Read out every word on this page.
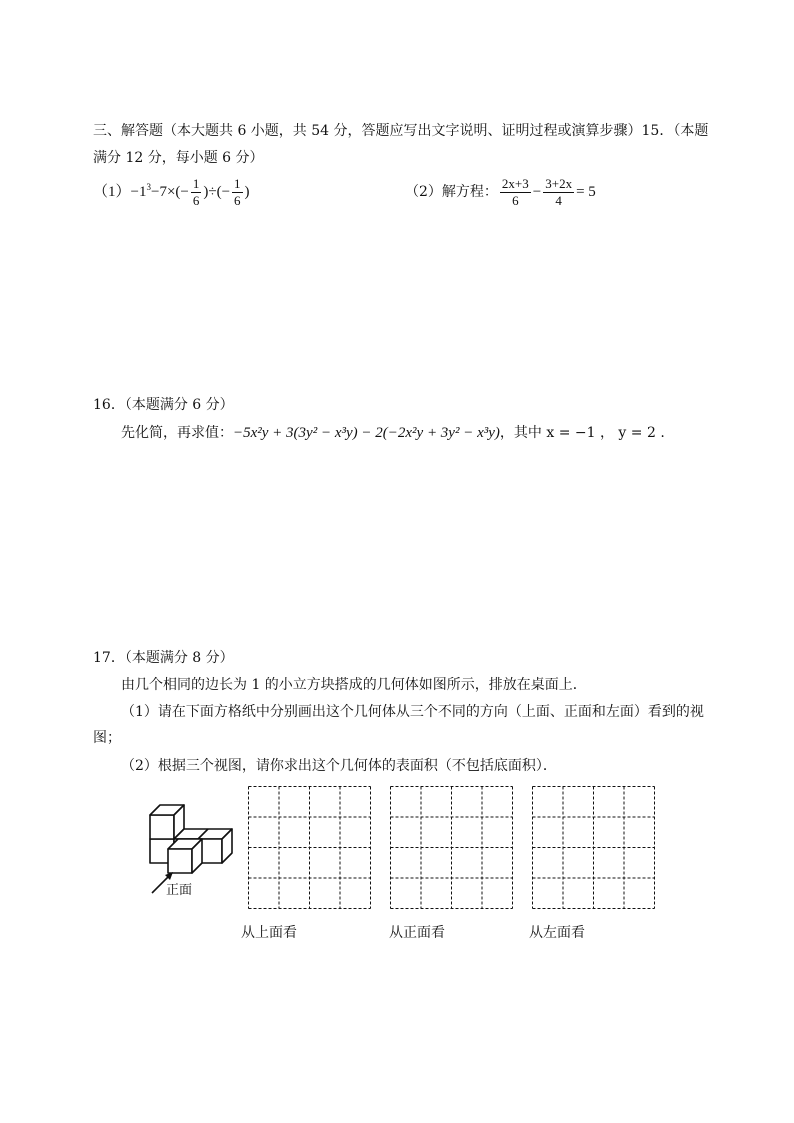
三、解答题（本大题共 6 小题，共 54 分，答题应写出文字说明、证明过程或演算步骤）15．（本题
满分 12 分，每小题 6 分）
$(1)-1^3-7\times(- \frac{1}{6}$ )÷(− $\frac{1}{6}$ )	（2）解方程： $\frac{2x+3}{6} - \frac{3+2x}{4} = 5$
16．（本题满分 6 分）
先化简，再求值：−5x²y + 3(3y² − x³y) − 2(−2x²y + 3y² − x³y)，其中 x = −1 ， y = 2 .
17．（本题满分 8 分）
由几个相同的边长为 1 的小立方块搭成的几何体如图所示，排放在桌面上．
（1）请在下面方格纸中分别画出这个几何体从三个不同的方向（上面、正面和左面）看到的视
图；
（2）根据三个视图，请你求出这个几何体的表面积（不包括底面积）．
正面
从上面看	从正面看	从左面看
